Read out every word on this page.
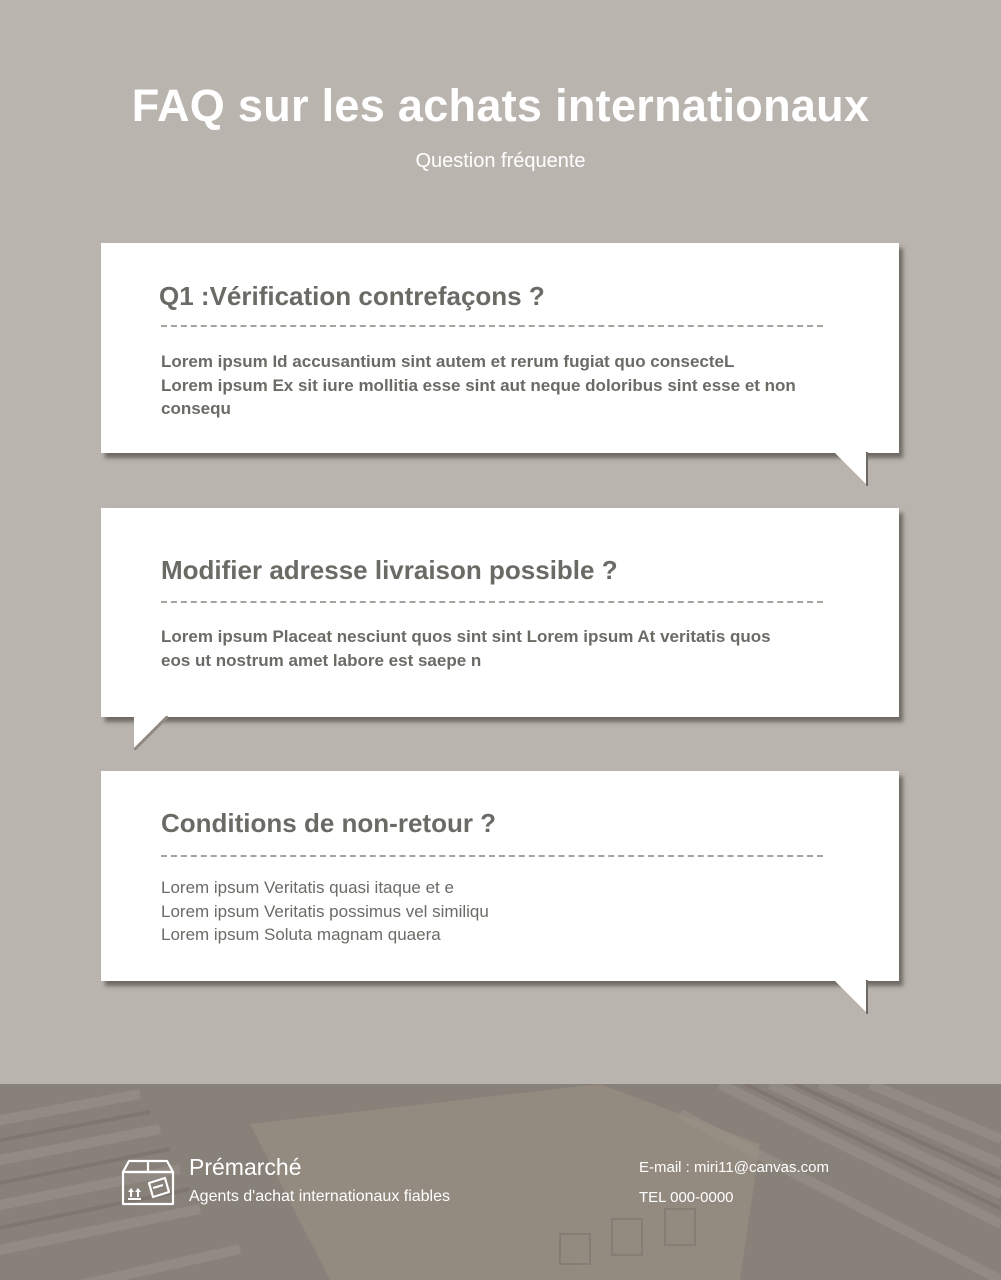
FAQ sur les achats internationaux
Question fréquente
Q1 :Vérification contrefaçons ?
Lorem ipsum Id accusantium sint autem et rerum fugiat quo consecteL
Lorem ipsum Ex sit iure mollitia esse sint aut neque doloribus sint esse et non
consequ
Modifier adresse livraison possible ?
Lorem ipsum Placeat nesciunt quos sint sint Lorem ipsum At veritatis quos
eos ut nostrum amet labore est saepe n
Conditions de non-retour ?
Lorem ipsum Veritatis quasi itaque et e
Lorem ipsum Veritatis possimus vel similiqu
Lorem ipsum Soluta magnam quaera
Prémarché
Agents d'achat internationaux fiables
E-mail : miri11@canvas.com
TEL 000-0000
